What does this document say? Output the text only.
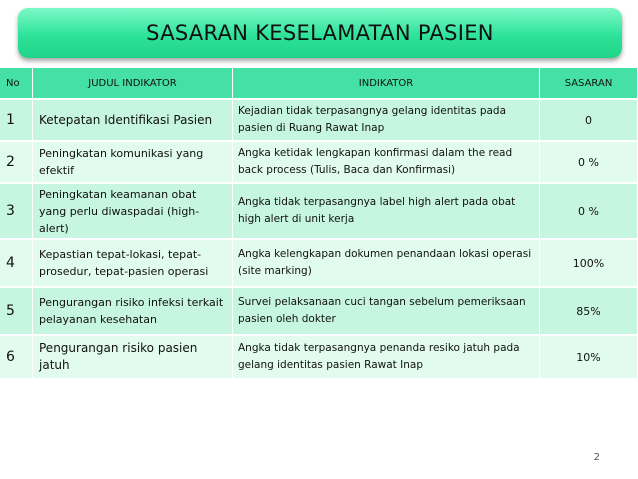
SASARAN KESELAMATAN PASIEN
No	JUDUL INDIKATOR	INDIKATOR	SASARAN
1	Ketepatan Identifikasi Pasien	Kejadian tidak terpasangnya gelang identitas pada pasien di Ruang Rawat Inap	0
2	Peningkatan komunikasi yang efektif	Angka ketidak lengkapan konfirmasi dalam the read back process (Tulis, Baca dan Konfirmasi)	0 %
3	Peningkatan keamanan obat yang perlu diwaspadai (high-alert)	Angka tidak terpasangnya label high alert pada obat high alert di unit kerja	0 %
4	Kepastian tepat-lokasi, tepat-prosedur, tepat-pasien operasi	Angka kelengkapan dokumen penandaan lokasi operasi (site marking)	100%
5	Pengurangan risiko infeksi terkait pelayanan kesehatan	Survei pelaksanaan cuci tangan sebelum pemeriksaan pasien oleh dokter	85%
6	Pengurangan risiko pasien jatuh	Angka tidak terpasangnya penanda resiko jatuh pada gelang identitas pasien Rawat Inap	10%
2
